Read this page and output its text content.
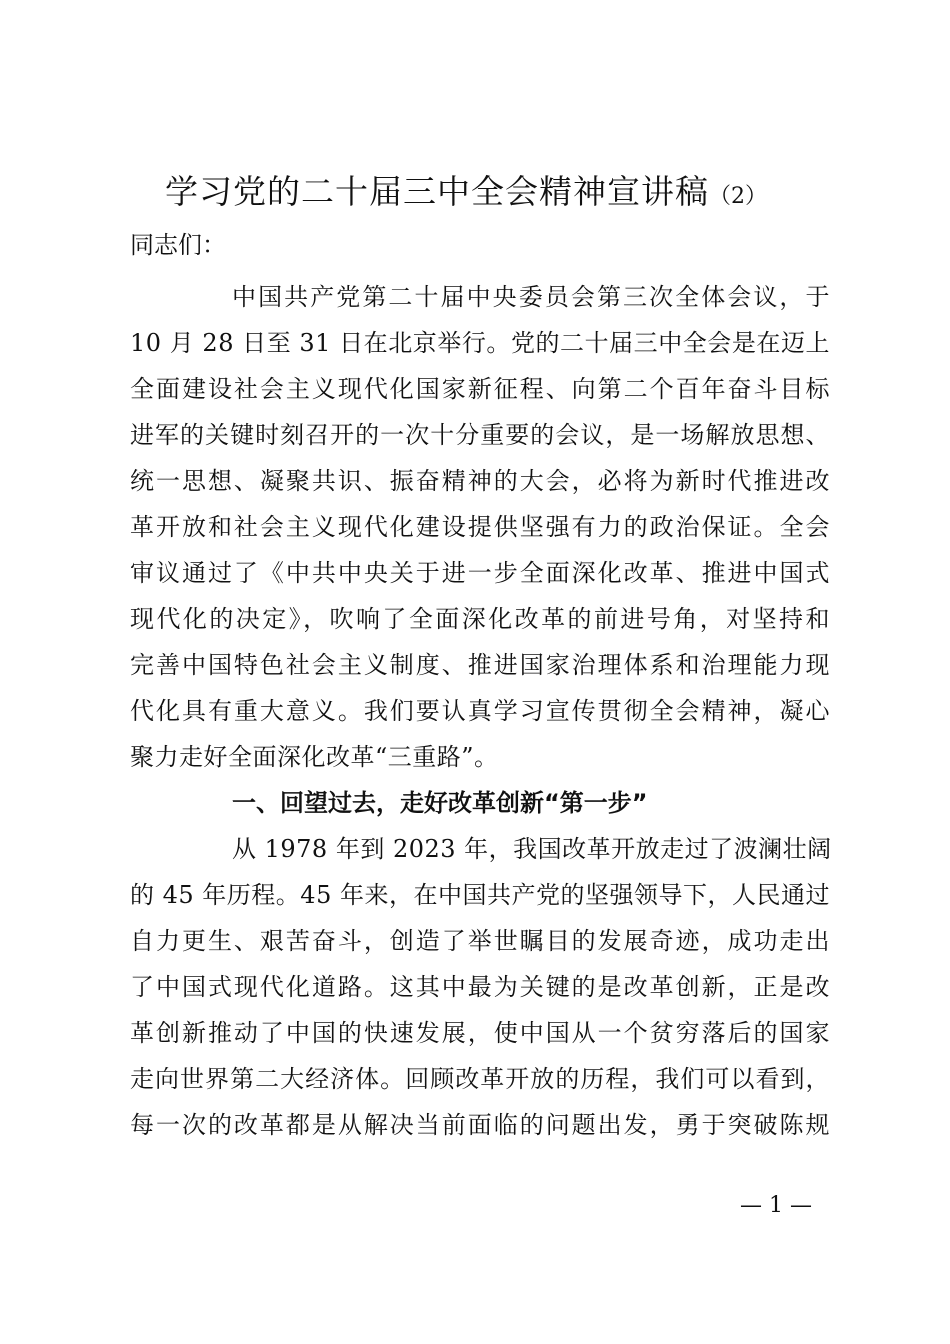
学习党的二十届三中全会精神宣讲稿（2）
同志们：
中国共产党第二十届中央委员会第三次全体会议，于
10 月 28 日至 31 日在北京举行。党的二十届三中全会是在迈上
全面建设社会主义现代化国家新征程、向第二个百年奋斗目标
进军的关键时刻召开的一次十分重要的会议，是一场解放思想、
统一思想、凝聚共识、振奋精神的大会，必将为新时代推进改
革开放和社会主义现代化建设提供坚强有力的政治保证。全会
审议通过了《中共中央关于进一步全面深化改革、推进中国式
现代化的决定》，吹响了全面深化改革的前进号角，对坚持和
完善中国特色社会主义制度、推进国家治理体系和治理能力现
代化具有重大意义。我们要认真学习宣传贯彻全会精神，凝心
聚力走好全面深化改革“三重路”。
一、回望过去，走好改革创新“第一步”
从 1978 年到 2023 年，我国改革开放走过了波澜壮阔
的 45 年历程。45 年来，在中国共产党的坚强领导下，人民通过
自力更生、艰苦奋斗，创造了举世瞩目的发展奇迹，成功走出
了中国式现代化道路。这其中最为关键的是改革创新，正是改
革创新推动了中国的快速发展，使中国从一个贫穷落后的国家
走向世界第二大经济体。回顾改革开放的历程，我们可以看到，
每一次的改革都是从解决当前面临的问题出发，勇于突破陈规
— 1 —
